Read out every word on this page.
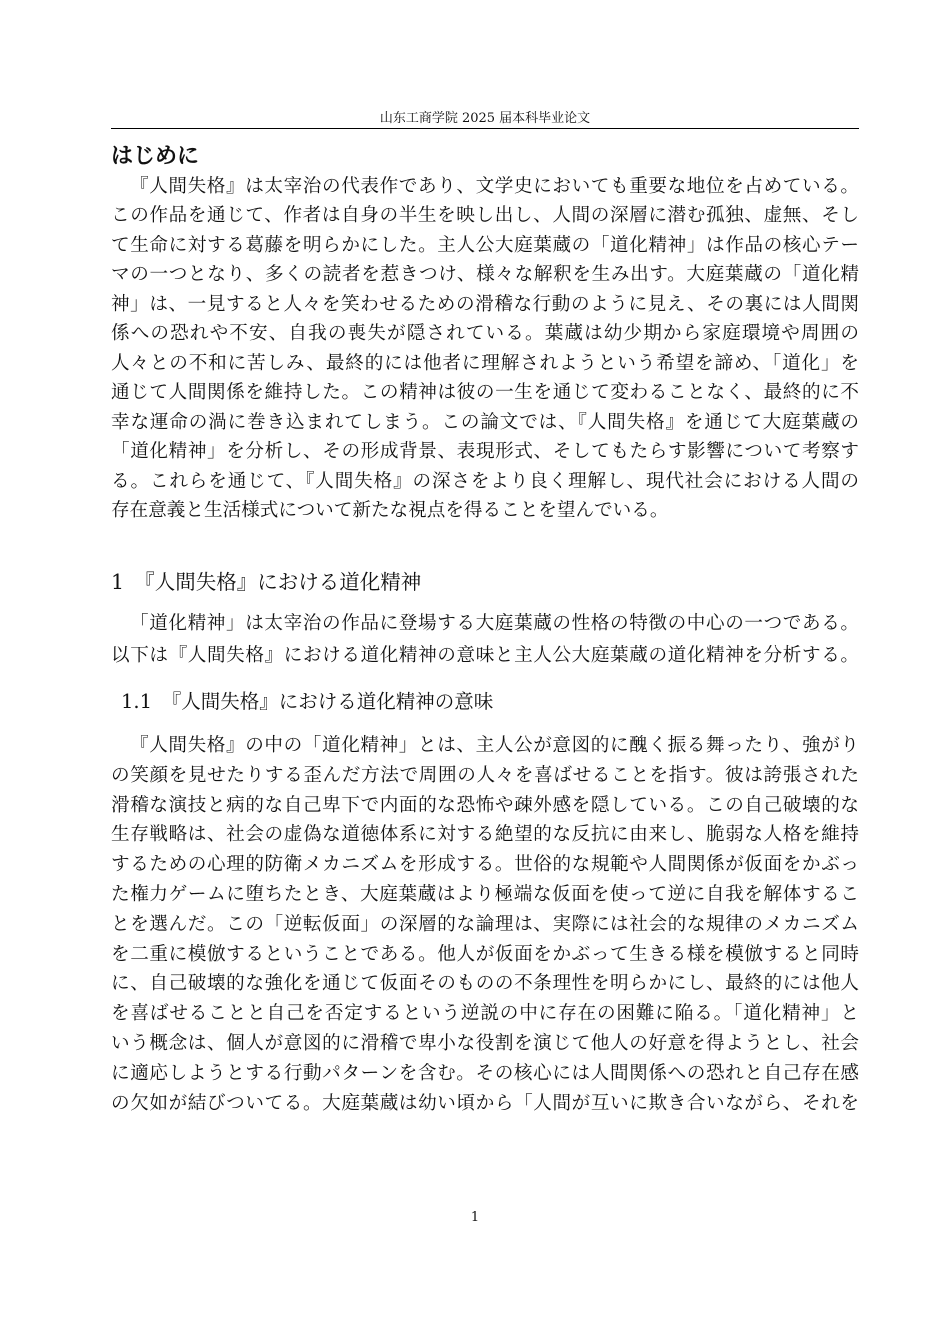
山东工商学院 2025 届本科毕业论文
はじめに
『人間失格』は太宰治の代表作であり、文学史においても重要な地位を占めている。
この作品を通じて、作者は自身の半生を映し出し、人間の深層に潜む孤独、虚無、そし
て生命に対する葛藤を明らかにした。主人公大庭葉蔵の「道化精神」は作品の核心テー
マの一つとなり、多くの読者を惹きつけ、様々な解釈を生み出す。大庭葉蔵の「道化精
神」は、一見すると人々を笑わせるための滑稽な行動のように見え、その裏には人間関
係への恐れや不安、自我の喪失が隠されている。葉蔵は幼少期から家庭環境や周囲の
人々との不和に苦しみ、最終的には他者に理解されようという希望を諦め、「道化」を
通じて人間関係を維持した。この精神は彼の一生を通じて変わることなく、最終的に不
幸な運命の渦に巻き込まれてしまう。この論文では、『人間失格』を通じて大庭葉蔵の
「道化精神」を分析し、その形成背景、表現形式、そしてもたらす影響について考察す
る。これらを通じて、『人間失格』の深さをより良く理解し、現代社会における人間の
存在意義と生活様式について新たな視点を得ることを望んでいる。
1　『人間失格』における道化精神
「道化精神」は太宰治の作品に登場する大庭葉蔵の性格の特徴の中心の一つである。
以下は『人間失格』における道化精神の意味と主人公大庭葉蔵の道化精神を分析する。
1.1　『人間失格』における道化精神の意味
『人間失格』の中の「道化精神」とは、主人公が意図的に醜く振る舞ったり、強がり
の笑顔を見せたりする歪んだ方法で周囲の人々を喜ばせることを指す。彼は誇張された
滑稽な演技と病的な自己卑下で内面的な恐怖や疎外感を隠している。この自己破壊的な
生存戦略は、社会の虚偽な道徳体系に対する絶望的な反抗に由来し、脆弱な人格を維持
するための心理的防衛メカニズムを形成する。世俗的な規範や人間関係が仮面をかぶっ
た権力ゲームに堕ちたとき、大庭葉蔵はより極端な仮面を使って逆に自我を解体するこ
とを選んだ。この「逆転仮面」の深層的な論理は、実際には社会的な規律のメカニズム
を二重に模倣するということである。他人が仮面をかぶって生きる様を模倣すると同時
に、自己破壊的な強化を通じて仮面そのものの不条理性を明らかにし、最終的には他人
を喜ばせることと自己を否定するという逆説の中に存在の困難に陥る。「道化精神」と
いう概念は、個人が意図的に滑稽で卑小な役割を演じて他人の好意を得ようとし、社会
に適応しようとする行動パターンを含む。その核心には人間関係への恐れと自己存在感
の欠如が結びついてる。大庭葉蔵は幼い頃から「人間が互いに欺き合いながら、それを
1
